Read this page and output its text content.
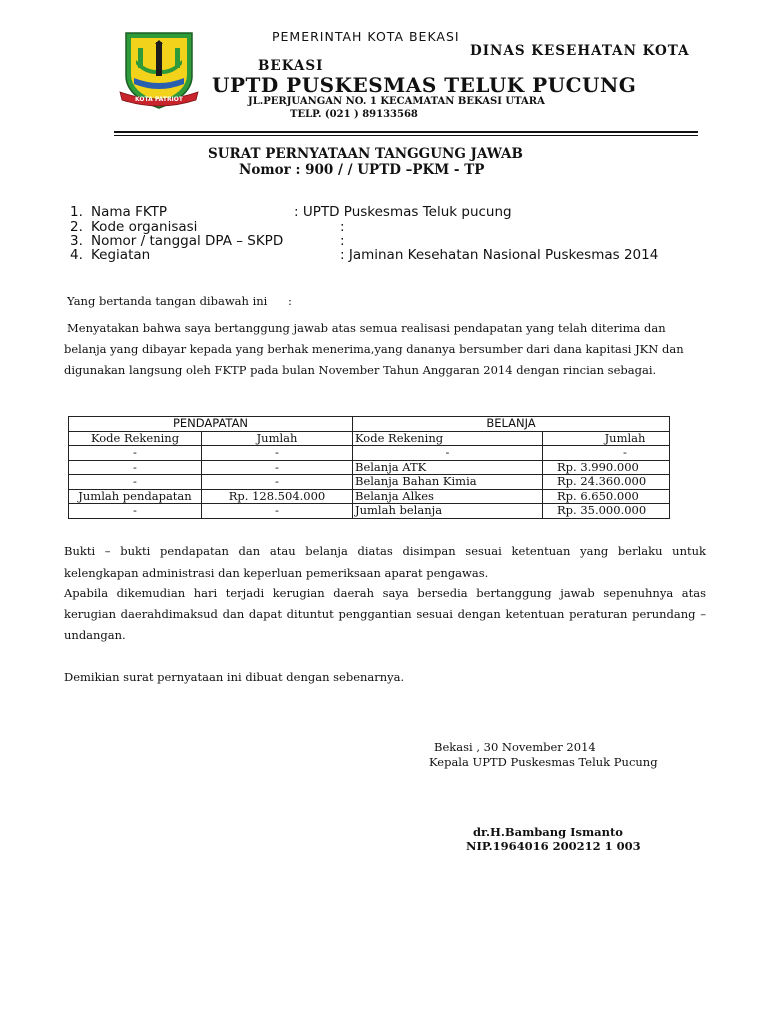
KOTA PATRIOT
PEMERINTAH KOTA BEKASI
DINAS KESEHATAN KOTA
BEKASI
UPTD PUSKESMAS TELUK PUCUNG
JL.PERJUANGAN NO. 1 KECAMATAN BEKASI UTARA
TELP. (021 ) 89133568
SURAT PERNYATAAN TANGGUNG JAWAB
Nomor : 900 / / UPTD –PKM - TP
1. Nama FKTP	: UPTD Puskesmas Teluk pucung
2. Kode organisasi	:
3. Nomor / tanggal DPA – SKPD	:
4. Kegiatan	: Jaminan Kesehatan Nasional Puskesmas 2014
Yang bertanda tangan dibawah ini :
Menyatakan bahwa saya bertanggung jawab atas semua realisasi pendapatan yang telah diterima dan
belanja yang dibayar kepada yang berhak menerima,yang dananya bersumber dari dana kapitasi JKN dan
digunakan langsung oleh FKTP pada bulan November Tahun Anggaran 2014 dengan rincian sebagai.
PENDAPATAN		BELANJA	
Kode Rekening	Jumlah	Kode Rekening	Jumlah
-	-	-	-
-	-	Belanja ATK	Rp. 3.990.000
-	-	Belanja Bahan Kimia	Rp. 24.360.000
Jumlah pendapatan	Rp. 128.504.000	Belanja Alkes	Rp. 6.650.000
-	-	Jumlah belanja	Rp. 35.000.000
Bukti – bukti pendapatan dan atau belanja diatas disimpan sesuai ketentuan yang berlaku untuk
kelengkapan administrasi dan keperluan pemeriksaan aparat pengawas.
Apabila dikemudian hari terjadi kerugian daerah saya bersedia bertanggung jawab sepenuhnya atas
kerugian daerahdimaksud dan dapat dituntut penggantian sesuai dengan ketentuan peraturan perundang –
undangan.
Demikian surat pernyataan ini dibuat dengan sebenarnya.
Bekasi , 30 November 2014
Kepala UPTD Puskesmas Teluk Pucung
dr.H.Bambang Ismanto
NIP.1964016 200212 1 003
